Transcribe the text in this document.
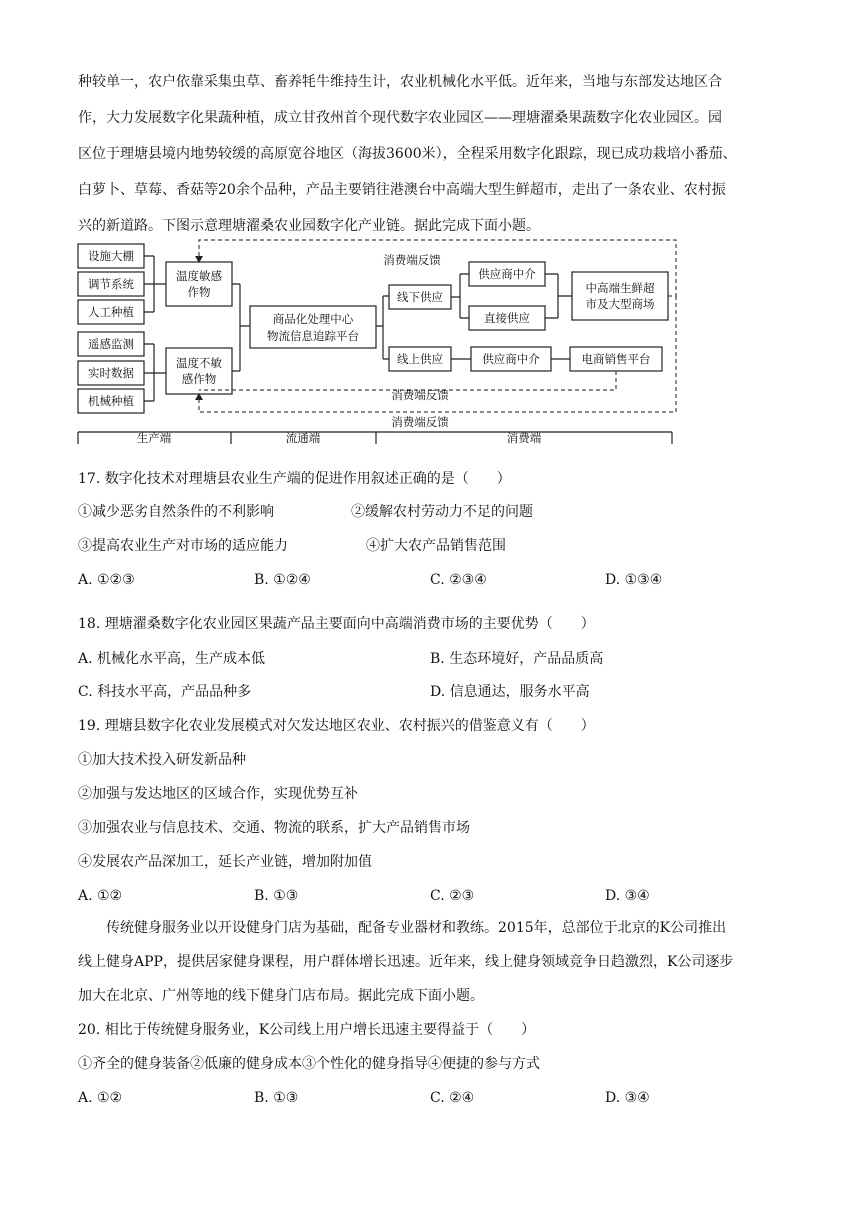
种较单一，农户依靠采集虫草、畜养牦牛维持生计，农业机械化水平低。近年来，当地与东部发达地区合

作，大力发展数字化果蔬种植，成立甘孜州首个现代数字农业园区——理塘濯桑果蔬数字化农业园区。园

区位于理塘县境内地势较缓的高原宽谷地区（海拔3600米），全程采用数字化跟踪，现已成功栽培小番茄、

白萝卜、草莓、香菇等20余个品种，产品主要销往港澳台中高端大型生鲜超市，走出了一条农业、农村振

兴的新道路。下图示意理塘濯桑农业园数字化产业链。据此完成下面小题。

设施大棚
调节系统
人工种植
遥感监测
实时数据
机械种植
温度敏感
作物
温度不敏
感作物
商品化处理中心
物流信息追踪平台
线下供应
线上供应
供应商中介
直接供应
供应商中介	电商销售平台
中高端生鲜超
市及大型商场
消费端反馈
消费端反馈
消费端反馈
生产端	流通端	消费端

17. 数字化技术对理塘县农业生产端的促进作用叙述正确的是（　　）

①减少恶劣自然条件的不利影响	②缓解农村劳动力不足的问题
③提高农业生产对市场的适应能力	④扩大农产品销售范围
A. ①②③	B. ①②④	C. ②③④	D. ①③④

18. 理塘濯桑数字化农业园区果蔬产品主要面向中高端消费市场的主要优势（　　）

A. 机械化水平高，生产成本低	B. 生态环境好，产品品质高
C. 科技水平高，产品品种多	D. 信息通达，服务水平高

19. 理塘县数字化农业发展模式对欠发达地区农业、农村振兴的借鉴意义有（　　）

①加大技术投入研发新品种
②加强与发达地区的区域合作，实现优势互补
③加强农业与信息技术、交通、物流的联系，扩大产品销售市场
④发展农产品深加工，延长产业链，增加附加值
A. ①②	B. ①③	C. ②③	D. ③④

传统健身服务业以开设健身门店为基础，配备专业器材和教练。2015年，总部位于北京的K公司推出

线上健身APP，提供居家健身课程，用户群体增长迅速。近年来，线上健身领域竞争日趋激烈，K公司逐步

加大在北京、广州等地的线下健身门店布局。据此完成下面小题。

20. 相比于传统健身服务业，K公司线上用户增长迅速主要得益于（　　）

①齐全的健身装备②低廉的健身成本③个性化的健身指导④便捷的参与方式
A. ①②	B. ①③	C. ②④	D. ③④
